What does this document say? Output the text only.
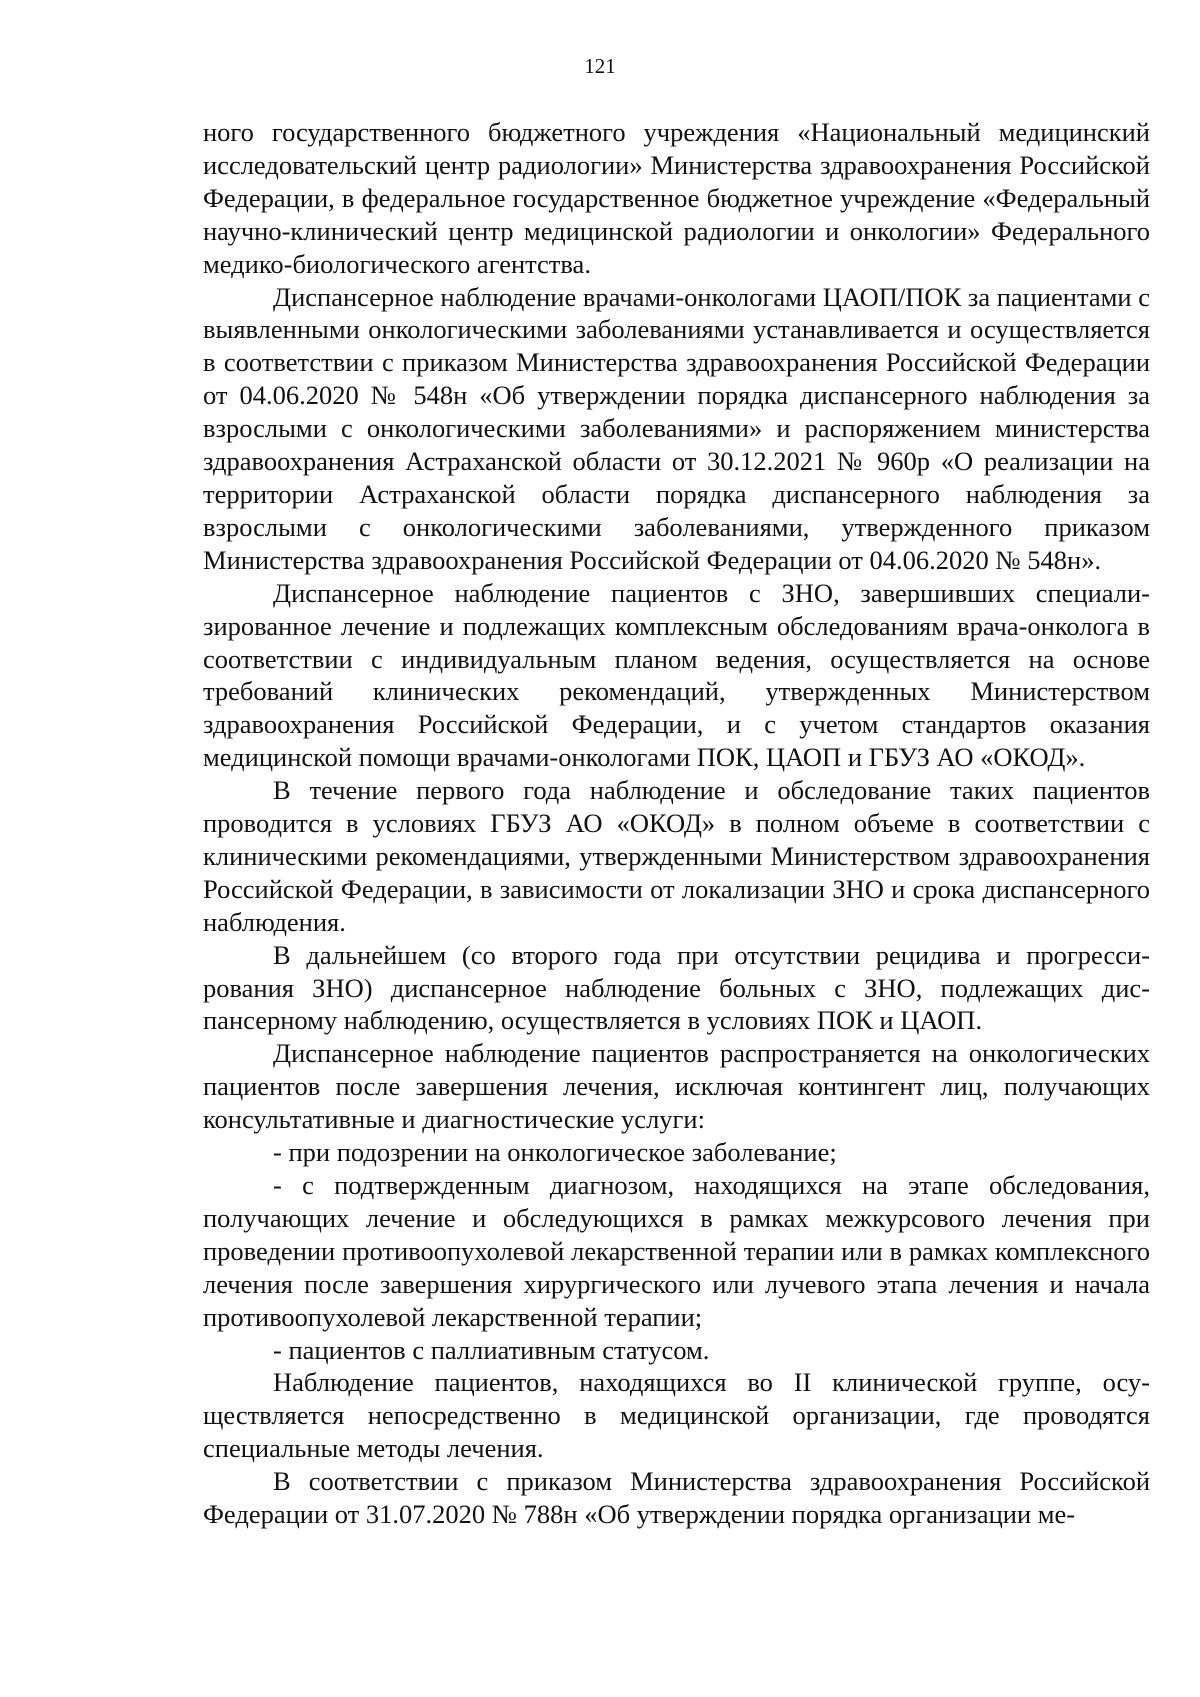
121

ного государственного бюджетного учреждения «Национальный медицинский исследовательский центр радиологии» Министерства здравоохранения Российской Федерации, в федеральное государственное бюджетное учреждение «Федеральный научно-клинический центр медицинской радиологии и онкологии» Федерального медико-биологического агентства.

Диспансерное наблюдение врачами-онкологами ЦАОП/ПОК за пациентами с выявленными онкологическими заболеваниями устанавливается и осуществляется в соответствии с приказом Министерства здравоохранения Российской Федерации от 04.06.2020 № 548н «Об утверждении порядка диспансерного наблюдения за взрослыми с онкологическими заболеваниями» и распоряжением министерства здравоохранения Астраханской области от 30.12.2021 № 960р «О реализации на территории Астраханской области порядка диспансерного наблюдения за взрослыми с онкологическими заболеваниями, утвержденного приказом Министерства здравоохранения Российской Федерации от 04.06.2020 № 548н».

Диспансерное наблюдение пациентов с ЗНО, завершивших специализированное лечение и подлежащих комплексным обследованиям врача-онколога в соответствии с индивидуальным планом ведения, осуществляется на основе требований клинических рекомендаций, утвержденных Министерством здравоохранения Российской Федерации, и с учетом стандартов оказания медицинской помощи врачами-онкологами ПОК, ЦАОП и ГБУЗ АО «ОКОД».

В течение первого года наблюдение и обследование таких пациентов проводится в условиях ГБУЗ АО «ОКОД» в полном объеме в соответствии с клиническими рекомендациями, утвержденными Министерством здравоохранения Российской Федерации, в зависимости от локализации ЗНО и срока диспансерного наблюдения.

В дальнейшем (со второго года при отсутствии рецидива и прогрессирования ЗНО) диспансерное наблюдение больных с ЗНО, подлежащих диспансерному наблюдению, осуществляется в условиях ПОК и ЦАОП.

Диспансерное наблюдение пациентов распространяется на онкологических пациентов после завершения лечения, исключая контингент лиц, получающих консультативные и диагностические услуги:

- при подозрении на онкологическое заболевание;

- с подтвержденным диагнозом, находящихся на этапе обследования, получающих лечение и обследующихся в рамках межкурсового лечения при проведении противоопухолевой лекарственной терапии или в рамках комплексного лечения после завершения хирургического или лучевого этапа лечения и начала противоопухолевой лекарственной терапии;

- пациентов с паллиативным статусом.

Наблюдение пациентов, находящихся во II клинической группе, осуществляется непосредственно в медицинской организации, где проводятся специальные методы лечения.

В соответствии с приказом Министерства здравоохранения Российской Федерации от 31.07.2020 № 788н «Об утверждении порядка организации ме-
